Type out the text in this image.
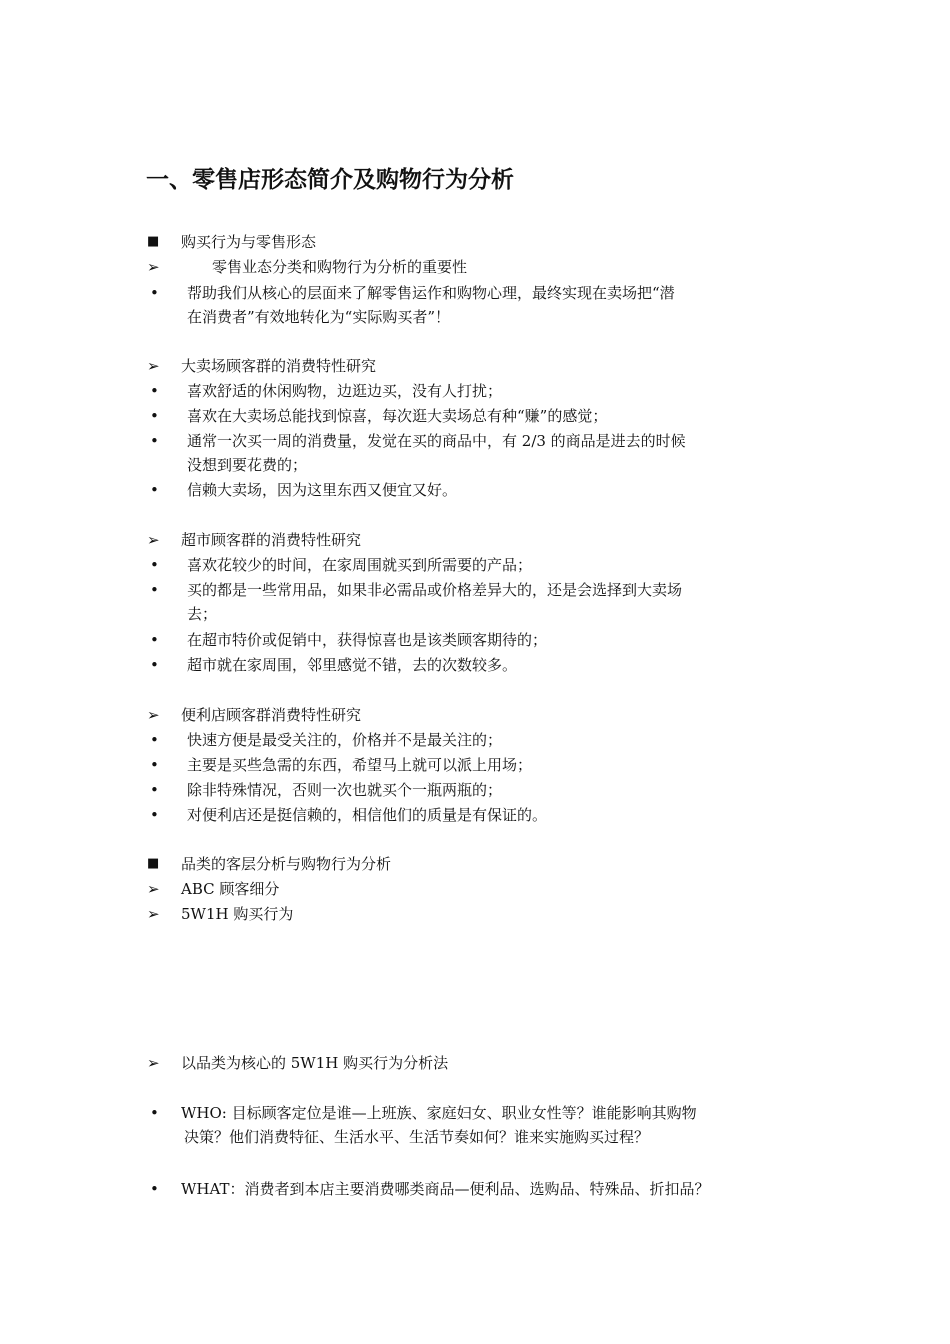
一、零售店形态简介及购物行为分析
■	购买行为与零售形态
➢	零售业态分类和购物行为分析的重要性
•	帮助我们从核心的层面来了解零售运作和购物心理，最终实现在卖场把“潜
在消费者”有效地转化为“实际购买者”！
➢	大卖场顾客群的消费特性研究
•	喜欢舒适的休闲购物，边逛边买，没有人打扰；
•	喜欢在大卖场总能找到惊喜，每次逛大卖场总有种“赚”的感觉；
•	通常一次买一周的消费量，发觉在买的商品中，有 2/3 的商品是进去的时候
没想到要花费的；
•	信赖大卖场，因为这里东西又便宜又好。
➢	超市顾客群的消费特性研究
•	喜欢花较少的时间，在家周围就买到所需要的产品；
•	买的都是一些常用品，如果非必需品或价格差异大的，还是会选择到大卖场
去；
•	在超市特价或促销中，获得惊喜也是该类顾客期待的；
•	超市就在家周围，邻里感觉不错，去的次数较多。
➢	便利店顾客群消费特性研究
•	快速方便是最受关注的，价格并不是最关注的；
•	主要是买些急需的东西，希望马上就可以派上用场；
•	除非特殊情况，否则一次也就买个一瓶两瓶的；
•	对便利店还是挺信赖的，相信他们的质量是有保证的。
■	品类的客层分析与购物行为分析
➢	ABC 顾客细分
➢	5W1H 购买行为
➢	以品类为核心的 5W1H 购买行为分析法
•	WHO: 目标顾客定位是谁—上班族、家庭妇女、职业女性等？谁能影响其购物
决策？他们消费特征、生活水平、生活节奏如何？谁来实施购买过程？
•	WHAT：消费者到本店主要消费哪类商品—便利品、选购品、特殊品、折扣品？
